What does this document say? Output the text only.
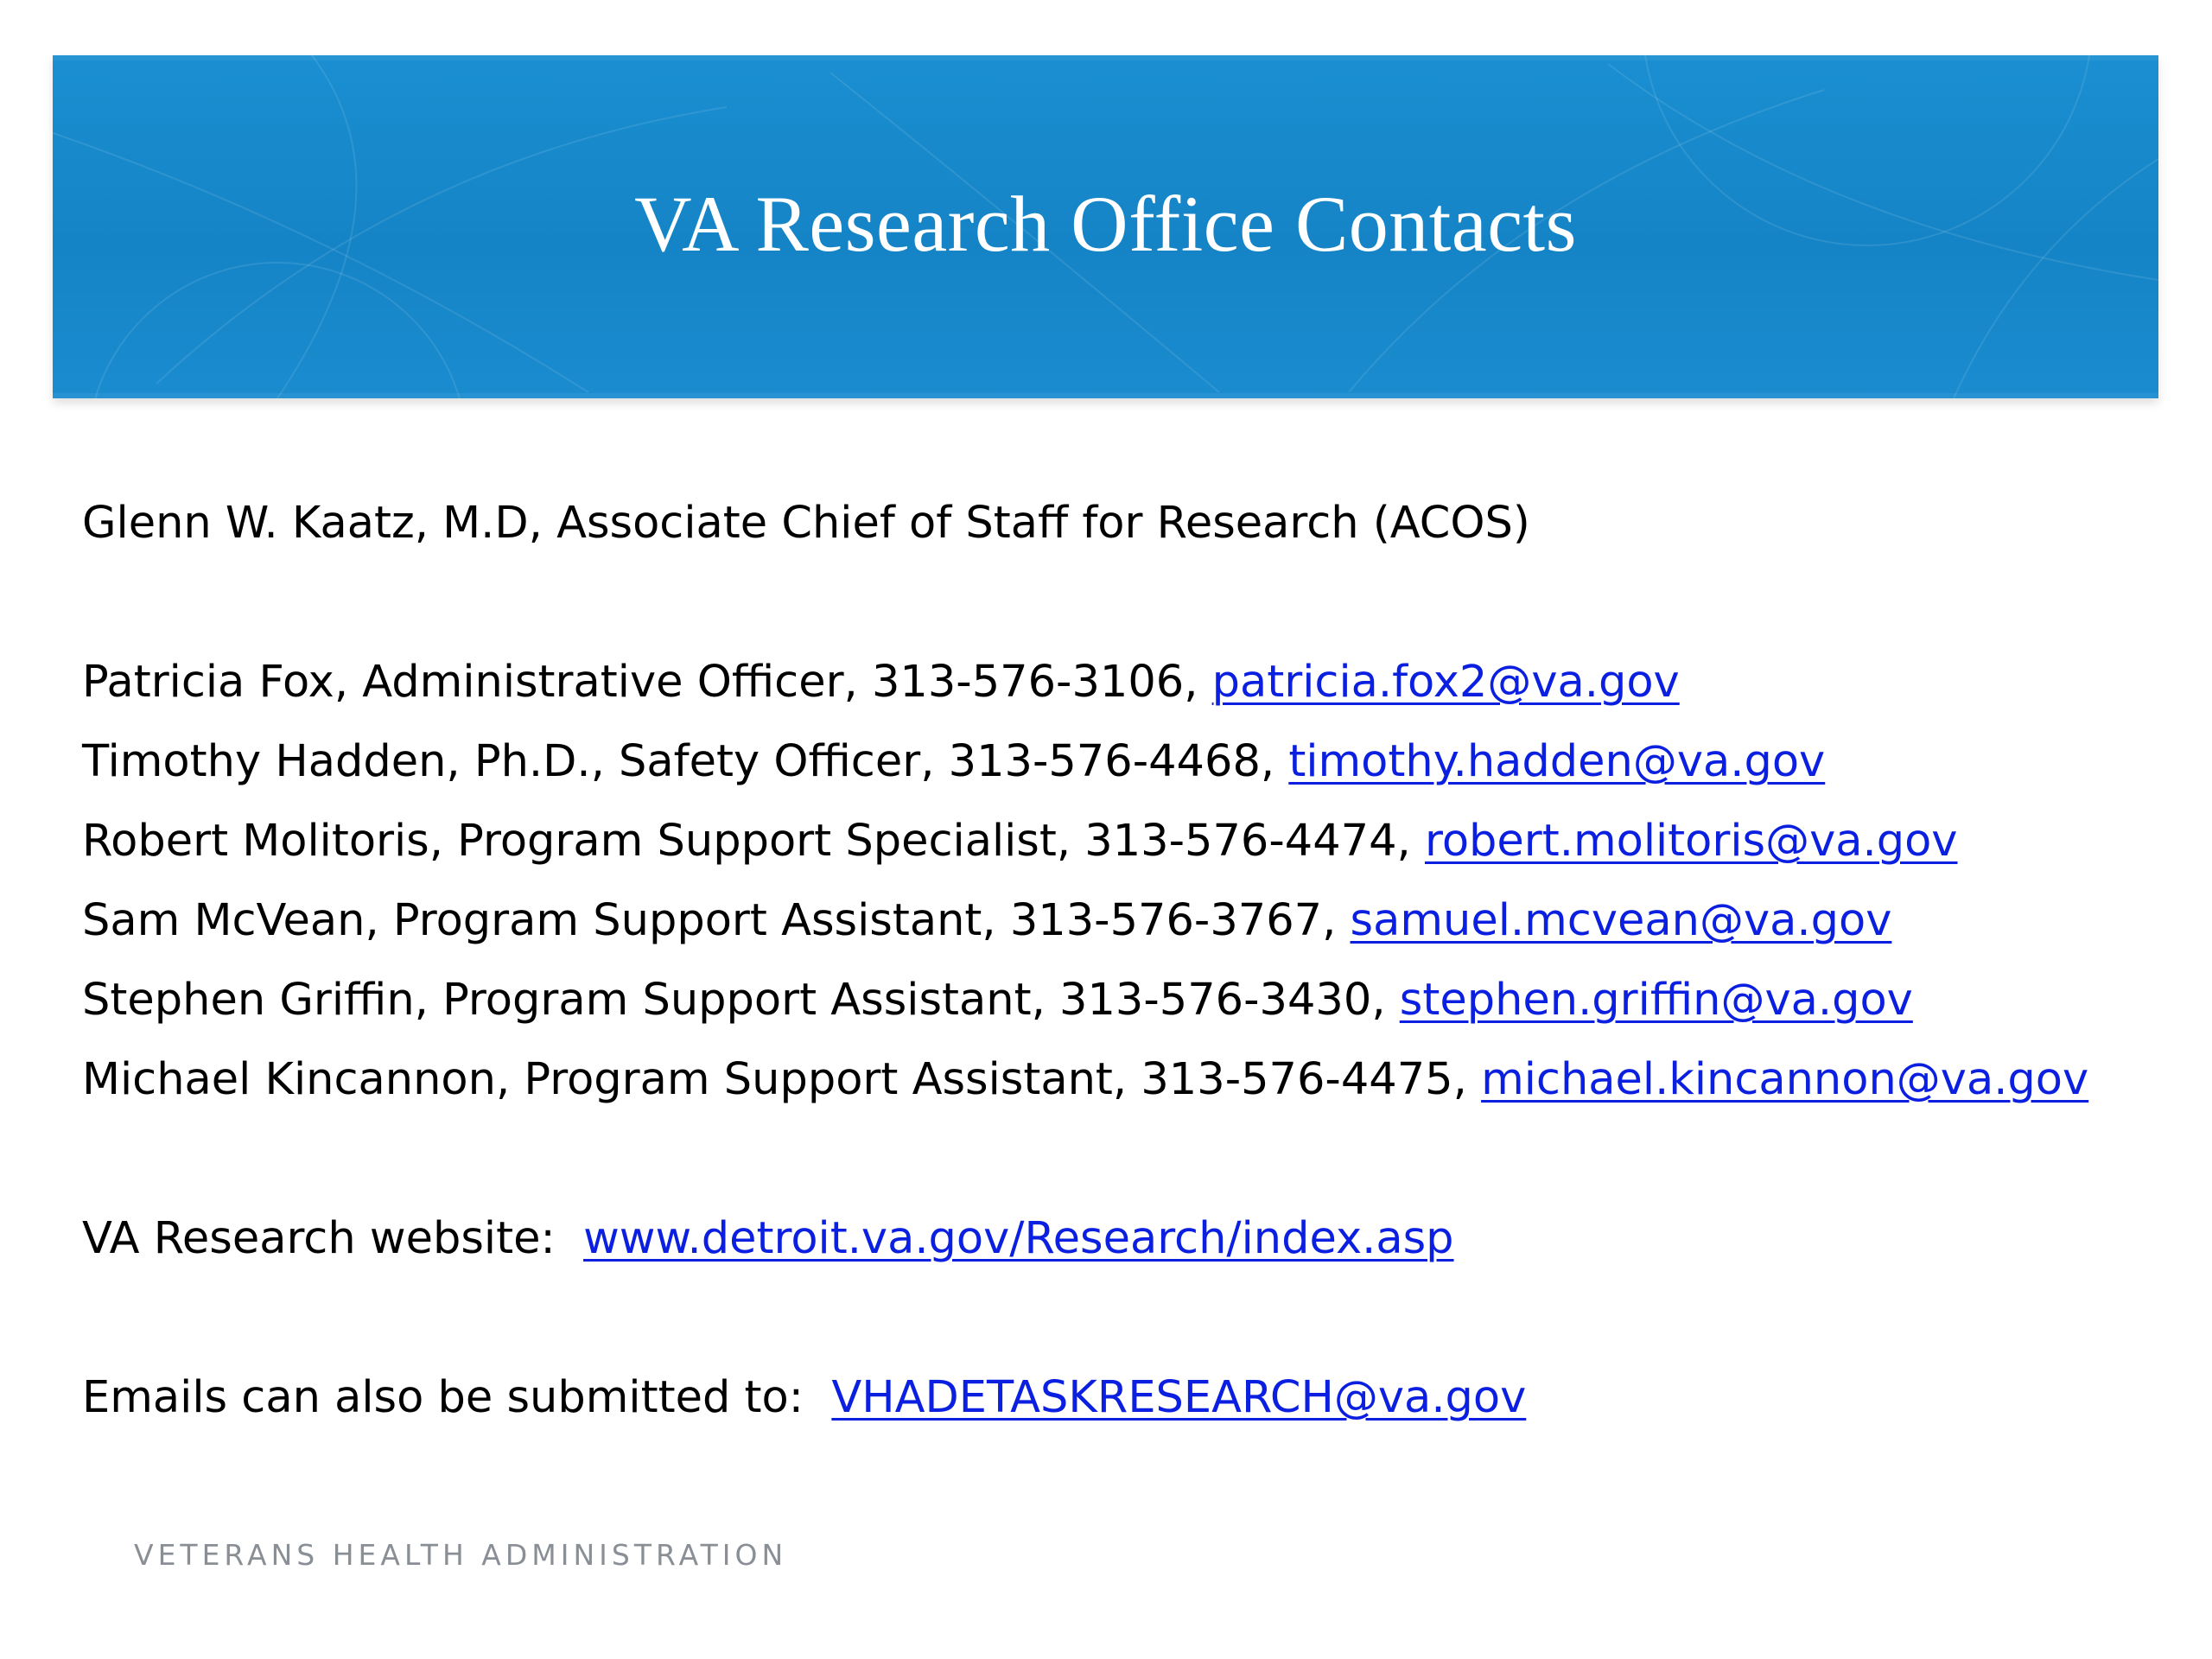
VA Research Office Contacts
Glenn W. Kaatz, M.D, Associate Chief of Staff for Research (ACOS)
Patricia Fox, Administrative Officer, 313-576-3106, patricia.fox2@va.gov
Timothy Hadden, Ph.D., Safety Officer, 313-576-4468, timothy.hadden@va.gov
Robert Molitoris, Program Support Specialist, 313-576-4474, robert.molitoris@va.gov
Sam McVean, Program Support Assistant, 313-576-3767, samuel.mcvean@va.gov
Stephen Griffin, Program Support Assistant, 313-576-3430, stephen.griffin@va.gov
Michael Kincannon, Program Support Assistant, 313-576-4475, michael.kincannon@va.gov
VA Research website:  www.detroit.va.gov/Research/index.asp
Emails can also be submitted to:  VHADETASKRESEARCH@va.gov
VETERANS HEALTH ADMINISTRATION
